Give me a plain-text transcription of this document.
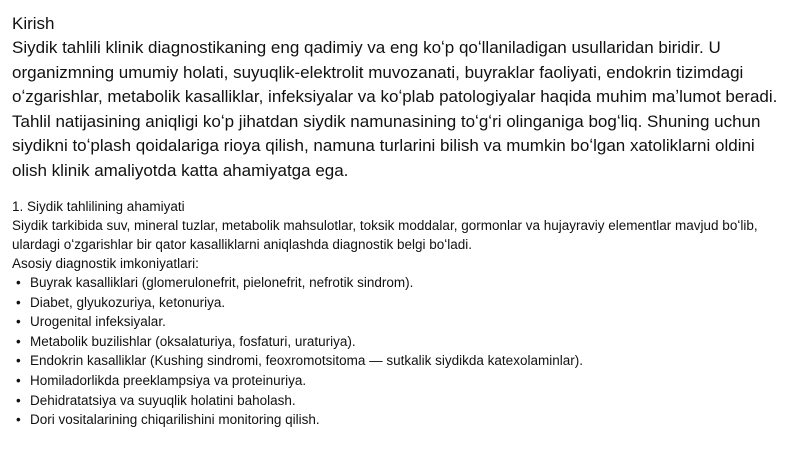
Kirish

Siydik tahlili klinik diagnostikaning eng qadimiy va eng koʻp qoʻllaniladigan usullaridan biridir. U organizmning umumiy holati, suyuqlik-elektrolit muvozanati, buyraklar faoliyati, endokrin tizimdagi oʻzgarishlar, metabolik kasalliklar, infeksiyalar va koʻplab patologiyalar haqida muhim maʼlumot beradi. Tahlil natijasining aniqligi koʻp jihatdan siydik namunasining toʻgʻri olinganiga bogʻliq. Shuning uchun siydikni toʻplash qoidalariga rioya qilish, namuna turlarini bilish va mumkin boʻlgan xatoliklarni oldini olish klinik amaliyotda katta ahamiyatga ega.

1. Siydik tahlilining ahamiyati

Siydik tarkibida suv, mineral tuzlar, metabolik mahsulotlar, toksik moddalar, gormonlar va hujayraviy elementlar mavjud boʻlib, ulardagi oʻzgarishlar bir qator kasalliklarni aniqlashda diagnostik belgi boʻladi.

Asosiy diagnostik imkoniyatlari:

• Buyrak kasalliklari (glomerulonefrit, pielonefrit, nefrotik sindrom).
• Diabet, glyukozuriya, ketonuriya.
• Urogenital infeksiyalar.
• Metabolik buzilishlar (oksalaturiya, fosfaturi, uraturiya).
• Endokrin kasalliklar (Kushing sindromi, feoxromotsitoma — sutkalik siydikda katexolaminlar).
• Homiladorlikda preeklampsiya va proteinuriya.
• Dehidratatsiya va suyuqlik holatini baholash.
• Dori vositalarining chiqarilishini monitoring qilish.
